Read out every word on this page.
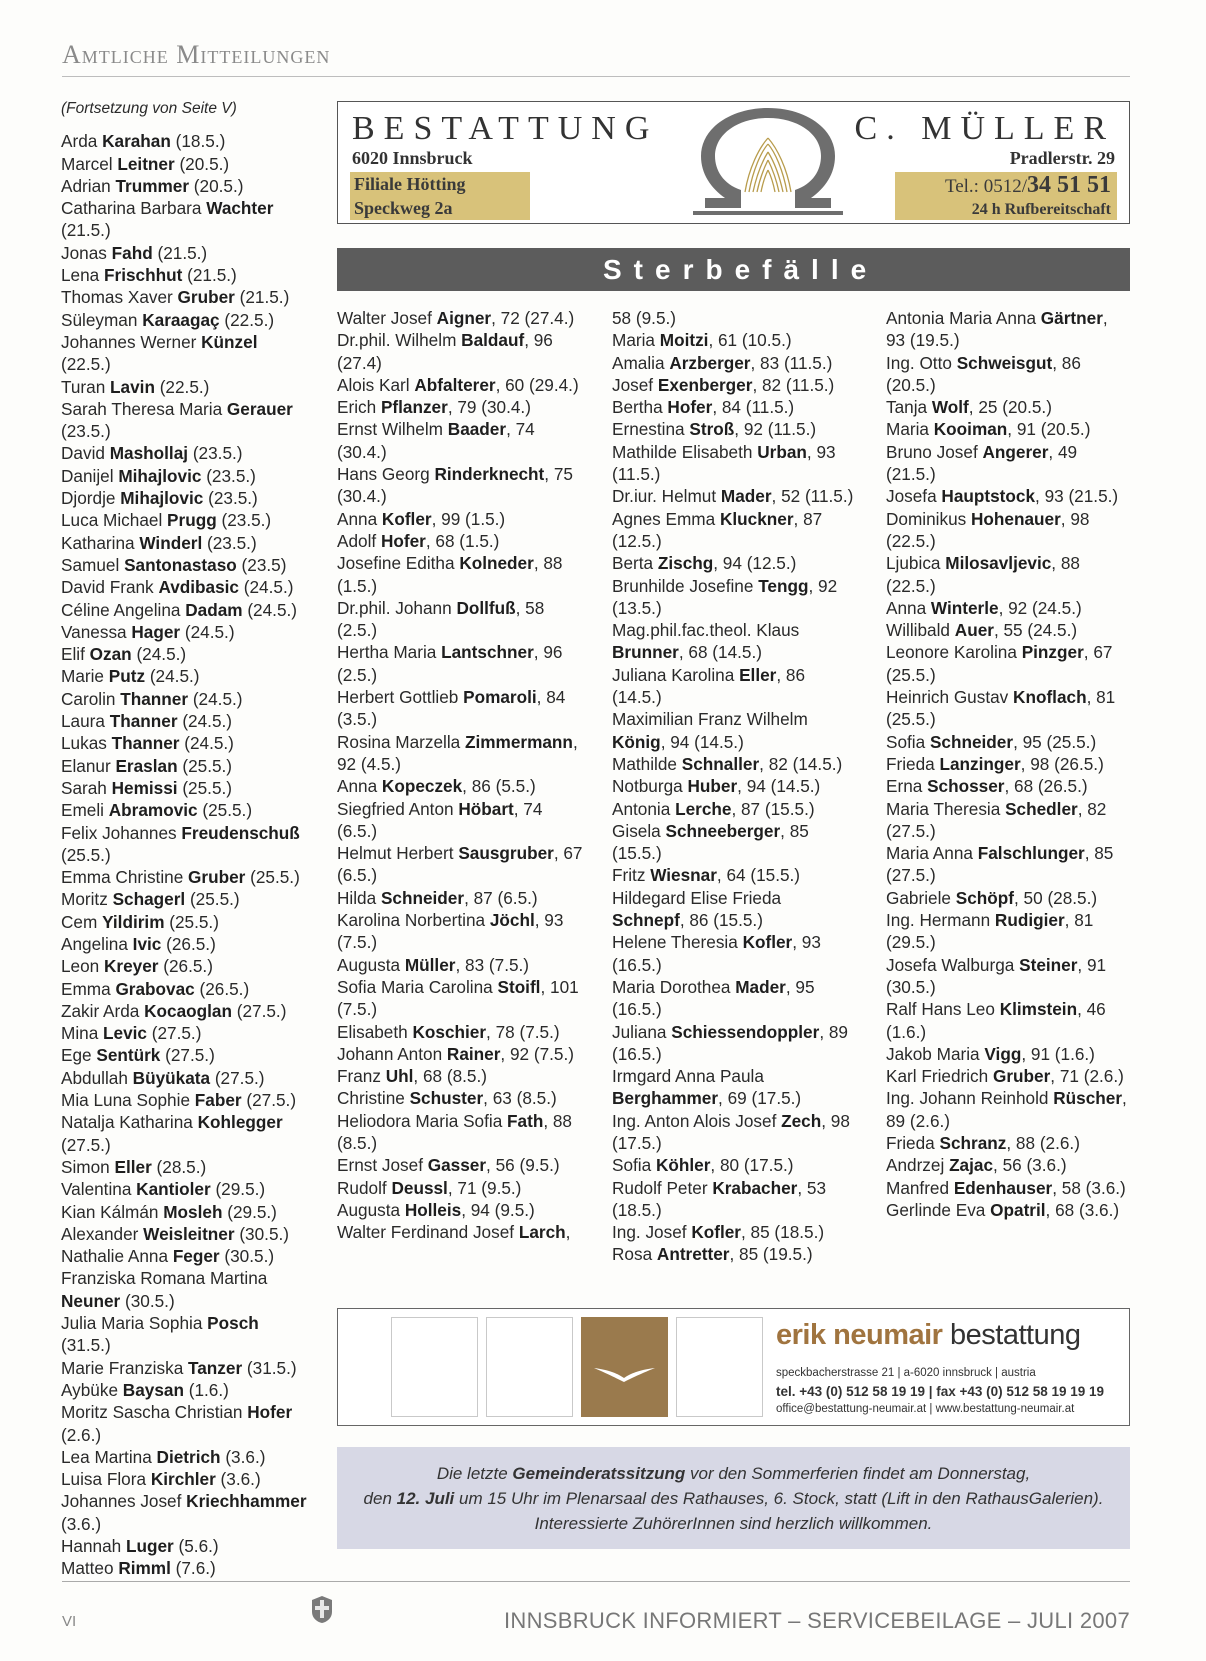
Amtliche Mitteilungen
(Fortsetzung von Seite V)
Arda Karahan (18.5.)
Marcel Leitner (20.5.)
Adrian Trummer (20.5.)
Catharina Barbara Wachter (21.5.)
Jonas Fahd (21.5.)
Lena Frischhut (21.5.)
Thomas Xaver Gruber (21.5.)
Süleyman Karaagaç (22.5.)
Johannes Werner Künzel (22.5.)
Turan Lavin (22.5.)
Sarah Theresa Maria Gerauer (23.5.)
David Mashollaj (23.5.)
Danijel Mihajlovic (23.5.)
Djordje Mihajlovic (23.5.)
Luca Michael Prugg (23.5.)
Katharina Winderl (23.5.)
Samuel Santonastaso (23.5)
David Frank Avdibasic (24.5.)
Céline Angelina Dadam (24.5.)
Vanessa Hager (24.5.)
Elif Ozan (24.5.)
Marie Putz (24.5.)
Carolin Thanner (24.5.)
Laura Thanner (24.5.)
Lukas Thanner (24.5.)
Elanur Eraslan (25.5.)
Sarah Hemissi (25.5.)
Emeli Abramovic (25.5.)
Felix Johannes Freudenschuß (25.5.)
Emma Christine Gruber (25.5.)
Moritz Schagerl (25.5.)
Cem Yildirim (25.5.)
Angelina Ivic (26.5.)
Leon Kreyer (26.5.)
Emma Grabovac (26.5.)
Zakir Arda Kocaoglan (27.5.)
Mina Levic (27.5.)
Ege Sentürk (27.5.)
Abdullah Büyükata (27.5.)
Mia Luna Sophie Faber (27.5.)
Natalja Katharina Kohlegger (27.5.)
Simon Eller (28.5.)
Valentina Kantioler (29.5.)
Kian Kálmán Mosleh (29.5.)
Alexander Weisleitner (30.5.)
Nathalie Anna Feger (30.5.)
Franziska Romana Martina Neuner (30.5.)
Julia Maria Sophia Posch (31.5.)
Marie Franziska Tanzer (31.5.)
Aybüke Baysan (1.6.)
Moritz Sascha Christian Hofer (2.6.)
Lea Martina Dietrich (3.6.)
Luisa Flora Kirchler (3.6.)
Johannes Josef Kriechhammer (3.6.)
Hannah Luger (5.6.)
Matteo Rimml (7.6.)
BESTATTUNG
6020 Innsbruck
Filiale Hötting
Speckweg 2a
C. MÜLLER
Pradlerstr. 29
Tel.: 0512/34 51 51
24 h Rufbereitschaft
Sterbefälle
Walter Josef Aigner, 72 (27.4.)
Dr.phil. Wilhelm Baldauf, 96 (27.4)
Alois Karl Abfalterer, 60 (29.4.)
Erich Pflanzer, 79 (30.4.)
Ernst Wilhelm Baader, 74 (30.4.)
Hans Georg Rinderknecht, 75 (30.4.)
Anna Kofler, 99 (1.5.)
Adolf Hofer, 68 (1.5.)
Josefine Editha Kolneder, 88 (1.5.)
Dr.phil. Johann Dollfuß, 58 (2.5.)
Hertha Maria Lantschner, 96 (2.5.)
Herbert Gottlieb Pomaroli, 84 (3.5.)
Rosina Marzella Zimmermann, 92 (4.5.)
Anna Kopeczek, 86 (5.5.)
Siegfried Anton Höbart, 74 (6.5.)
Helmut Herbert Sausgruber, 67 (6.5.)
Hilda Schneider, 87 (6.5.)
Karolina Norbertina Jöchl, 93 (7.5.)
Augusta Müller, 83 (7.5.)
Sofia Maria Carolina Stoifl, 101 (7.5.)
Elisabeth Koschier, 78 (7.5.)
Johann Anton Rainer, 92 (7.5.)
Franz Uhl, 68 (8.5.)
Christine Schuster, 63 (8.5.)
Heliodora Maria Sofia Fath, 88 (8.5.)
Ernst Josef Gasser, 56 (9.5.)
Rudolf Deussl, 71 (9.5.)
Augusta Holleis, 94 (9.5.)
Walter Ferdinand Josef Larch,
58 (9.5.)
Maria Moitzi, 61 (10.5.)
Amalia Arzberger, 83 (11.5.)
Josef Exenberger, 82 (11.5.)
Bertha Hofer, 84 (11.5.)
Ernestina Stroß, 92 (11.5.)
Mathilde Elisabeth Urban, 93 (11.5.)
Dr.iur. Helmut Mader, 52 (11.5.)
Agnes Emma Kluckner, 87 (12.5.)
Berta Zischg, 94 (12.5.)
Brunhilde Josefine Tengg, 92 (13.5.)
Mag.phil.fac.theol. Klaus Brunner, 68 (14.5.)
Juliana Karolina Eller, 86 (14.5.)
Maximilian Franz Wilhelm König, 94 (14.5.)
Mathilde Schnaller, 82 (14.5.)
Notburga Huber, 94 (14.5.)
Antonia Lerche, 87 (15.5.)
Gisela Schneeberger, 85 (15.5.)
Fritz Wiesnar, 64 (15.5.)
Hildegard Elise Frieda Schnepf, 86 (15.5.)
Helene Theresia Kofler, 93 (16.5.)
Maria Dorothea Mader, 95 (16.5.)
Juliana Schiessendoppler, 89 (16.5.)
Irmgard Anna Paula Berghammer, 69 (17.5.)
Ing. Anton Alois Josef Zech, 98 (17.5.)
Sofia Köhler, 80 (17.5.)
Rudolf Peter Krabacher, 53 (18.5.)
Ing. Josef Kofler, 85 (18.5.)
Rosa Antretter, 85 (19.5.)
Antonia Maria Anna Gärtner, 93 (19.5.)
Ing. Otto Schweisgut, 86 (20.5.)
Tanja Wolf, 25 (20.5.)
Maria Kooiman, 91 (20.5.)
Bruno Josef Angerer, 49 (21.5.)
Josefa Hauptstock, 93 (21.5.)
Dominikus Hohenauer, 98 (22.5.)
Ljubica Milosavljevic, 88 (22.5.)
Anna Winterle, 92 (24.5.)
Willibald Auer, 55 (24.5.)
Leonore Karolina Pinzger, 67 (25.5.)
Heinrich Gustav Knoflach, 81 (25.5.)
Sofia Schneider, 95 (25.5.)
Frieda Lanzinger, 98 (26.5.)
Erna Schosser, 68 (26.5.)
Maria Theresia Schedler, 82 (27.5.)
Maria Anna Falschlunger, 85 (27.5.)
Gabriele Schöpf, 50 (28.5.)
Ing. Hermann Rudigier, 81 (29.5.)
Josefa Walburga Steiner, 91 (30.5.)
Ralf Hans Leo Klimstein, 46 (1.6.)
Jakob Maria Vigg, 91 (1.6.)
Karl Friedrich Gruber, 71 (2.6.)
Ing. Johann Reinhold Rüscher, 89 (2.6.)
Frieda Schranz, 88 (2.6.)
Andrzej Zajac, 56 (3.6.)
Manfred Edenhauser, 58 (3.6.)
Gerlinde Eva Opatril, 68 (3.6.)
erik neumair bestattung
speckbacherstrasse 21 | a-6020 innsbruck | austria
tel. +43 (0) 512 58 19 19 | fax +43 (0) 512 58 19 19 19
office@bestattung-neumair.at | www.bestattung-neumair.at
Die letzte Gemeinderatssitzung vor den Sommerferien findet am Donnerstag,
den 12. Juli um 15 Uhr im Plenarsaal des Rathauses, 6. Stock, statt (Lift in den RathausGalerien).
Interessierte ZuhörerInnen sind herzlich willkommen.
VI	INNSBRUCK INFORMIERT – SERVICEBEILAGE – JULI 2007
